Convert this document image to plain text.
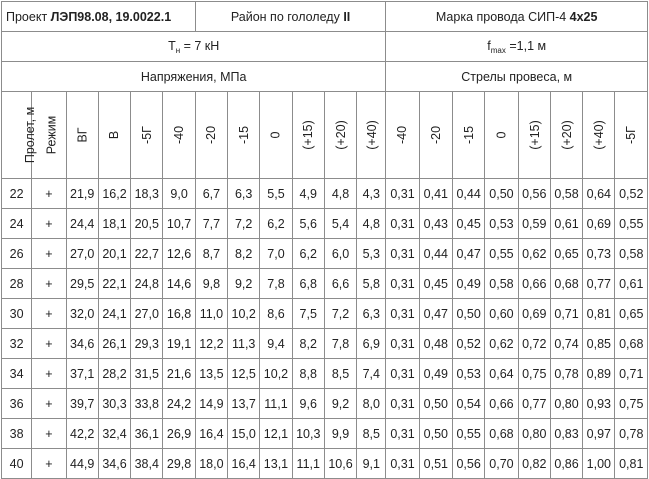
Проект ЛЭП98.08, 19.0022.1						Район по гололеду II						Марка провода СИП-4 4х25							
$T_н = 7$ кН												$f_{max} =1,1$ м							
Напряжения, МПа												Стрелы провеса, м							
Пролет, м	Режим	ВГ	В	-5Г	-40	-20	-15	0	(+15)	(+20)	(+40)	-40	-20	-15	0	(+15)	(+20)	(+40)	-5Г
22	+	21,9	16,2	18,3	9,0	6,7	6,3	5,5	4,9	4,8	4,3	0,31	0,41	0,44	0,50	0,56	0,58	0,64	0,52
24	+	24,4	18,1	20,5	10,7	7,7	7,2	6,2	5,6	5,4	4,8	0,31	0,43	0,45	0,53	0,59	0,61	0,69	0,55
26	+	27,0	20,1	22,7	12,6	8,7	8,2	7,0	6,2	6,0	5,3	0,31	0,44	0,47	0,55	0,62	0,65	0,73	0,58
28	+	29,5	22,1	24,8	14,6	9,8	9,2	7,8	6,8	6,6	5,8	0,31	0,45	0,49	0,58	0,66	0,68	0,77	0,61
30	+	32,0	24,1	27,0	16,8	11,0	10,2	8,6	7,5	7,2	6,3	0,31	0,47	0,50	0,60	0,69	0,71	0,81	0,65
32	+	34,6	26,1	29,3	19,1	12,2	11,3	9,4	8,2	7,8	6,9	0,31	0,48	0,52	0,62	0,72	0,74	0,85	0,68
34	+	37,1	28,2	31,5	21,6	13,5	12,5	10,2	8,8	8,5	7,4	0,31	0,49	0,53	0,64	0,75	0,78	0,89	0,71
36	+	39,7	30,3	33,8	24,2	14,9	13,7	11,1	9,6	9,2	8,0	0,31	0,50	0,54	0,66	0,77	0,80	0,93	0,75
38	+	42,2	32,4	36,1	26,9	16,4	15,0	12,1	10,3	9,9	8,5	0,31	0,50	0,55	0,68	0,80	0,83	0,97	0,78
40	+	44,9	34,6	38,4	29,8	18,0	16,4	13,1	11,1	10,6	9,1	0,31	0,51	0,56	0,70	0,82	0,86	1,00	0,81
